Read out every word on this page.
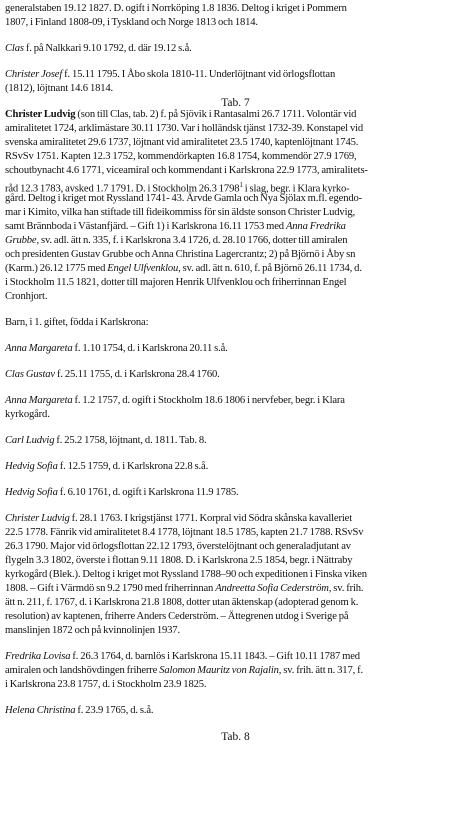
generalstaben 19.12 1827. D. ogift i Norrköping 1.8 1836. Deltog i kriget i Pommern
1807, i Finland 1808-09, i Tyskland och Norge 1813 och 1814.
Clas f. på Nalkkari 9.10 1792, d. där 19.12 s.å.
Christer Josef f. 15.11 1795. I Åbo skola 1810-11. Underlöjtnant vid örlogsflottan
(1812), löjtnant 14.6 1814.
Christer Ludvig (son till Clas, tab. 2) f. på Sjövik i Rantasalmi 26.7 1711. Volontär vid
amiralitetet 1724, arklimästare 30.11 1730. Var i holländsk tjänst 1732-39. Konstapel vid
svenska amiralitetet 29.6 1737, löjtnant vid amiralitetet 23.5 1740, kaptenlöjtnant 1745.
RSvSv 1751. Kapten 12.3 1752, kommendörkapten 16.8 1754, kommendör 27.9 1769,
schoutbynacht 4.6 1771, viceamiral och kommendant i Karlskrona 22.9 1773, amiralitets-
råd 12.3 1783, avsked 1.7 1791. D. i Stockholm 26.3 1798$^1$ i slag, begr. i Klara kyrko-
gård. Deltog i kriget mot Ryssland 1741- 43. Ärvde Gamla och Nya Sjölax m.fl. egendo-
mar i Kimito, vilka han stiftade till fideikommiss för sin äldste sonson Christer Ludvig,
samt Brännboda i Västanfjärd. – Gift 1) i Karlskrona 16.11 1753 med Anna Fredrika
Grubbe, sv. adl. ätt n. 335, f. i Karlskrona 3.4 1726, d. 28.10 1766, dotter till amiralen
och presidenten Gustav Grubbe och Anna Christina Lagercrantz; 2) på Björnö i Åby sn
(Karm.) 26.12 1775 med Engel Ulfvenklou, sv. adl. ätt n. 610, f. på Björnö 26.11 1734, d.
i Stockholm 11.5 1821, dotter till majoren Henrik Ulfvenklou och friherrinnan Engel
Cronhjort.
Barn, i 1. giftet, födda i Karlskrona:
Anna Margareta f. 1.10 1754, d. i Karlskrona 20.11 s.å.
Clas Gustav f. 25.11 1755, d. i Karlskrona 28.4 1760.
Anna Margareta f. 1.2 1757, d. ogift i Stockholm 18.6 1806 i nervfeber, begr. i Klara
kyrkogård.
Carl Ludvig f. 25.2 1758, löjtnant, d. 1811. Tab. 8.
Hedvig Sofia f. 12.5 1759, d. i Karlskrona 22.8 s.å.
Hedvig Sofia f. 6.10 1761, d. ogift i Karlskrona 11.9 1785.
Christer Ludvig f. 28.1 1763. I krigstjänst 1771. Korpral vid Södra skånska kavalleriet
22.5 1778. Fänrik vid amiralitetet 8.4 1778, löjtnant 18.5 1785, kapten 21.7 1788. RSvSv
26.3 1790. Major vid örlogsflottan 22.12 1793, överstelöjtnant och generaladjutant av
flygeln 3.3 1802, överste i flottan 9.11 1808. D. i Karlskrona 2.5 1854, begr. i Nättraby
kyrkogård (Blek.). Deltog i kriget mot Ryssland 1788–90 och expeditionen i Finska viken
1808. – Gift i Värmdö sn 9.2 1790 med friherrinnan Andreetta Sofia Cederström, sv. frih.
ätt n. 211, f. 1767, d. i Karlskrona 21.8 1808, dotter utan äktenskap (adopterad genom k.
resolution) av kaptenen, friherre Anders Cederström. – Ättegrenen utdog i Sverige på
manslinjen 1872 och på kvinnolinjen 1937.
Fredrika Lovisa f. 26.3 1764, d. barnlös i Karlskrona 15.11 1843. – Gift 10.11 1787 med
amiralen och landshövdingen friherre Salomon Mauritz von Rajalin, sv. frih. ätt n. 317, f.
i Karlskrona 23.8 1757, d. i Stockholm 23.9 1825.
Helena Christina f. 23.9 1765, d. s.å.
Tab. 7
Tab. 8
